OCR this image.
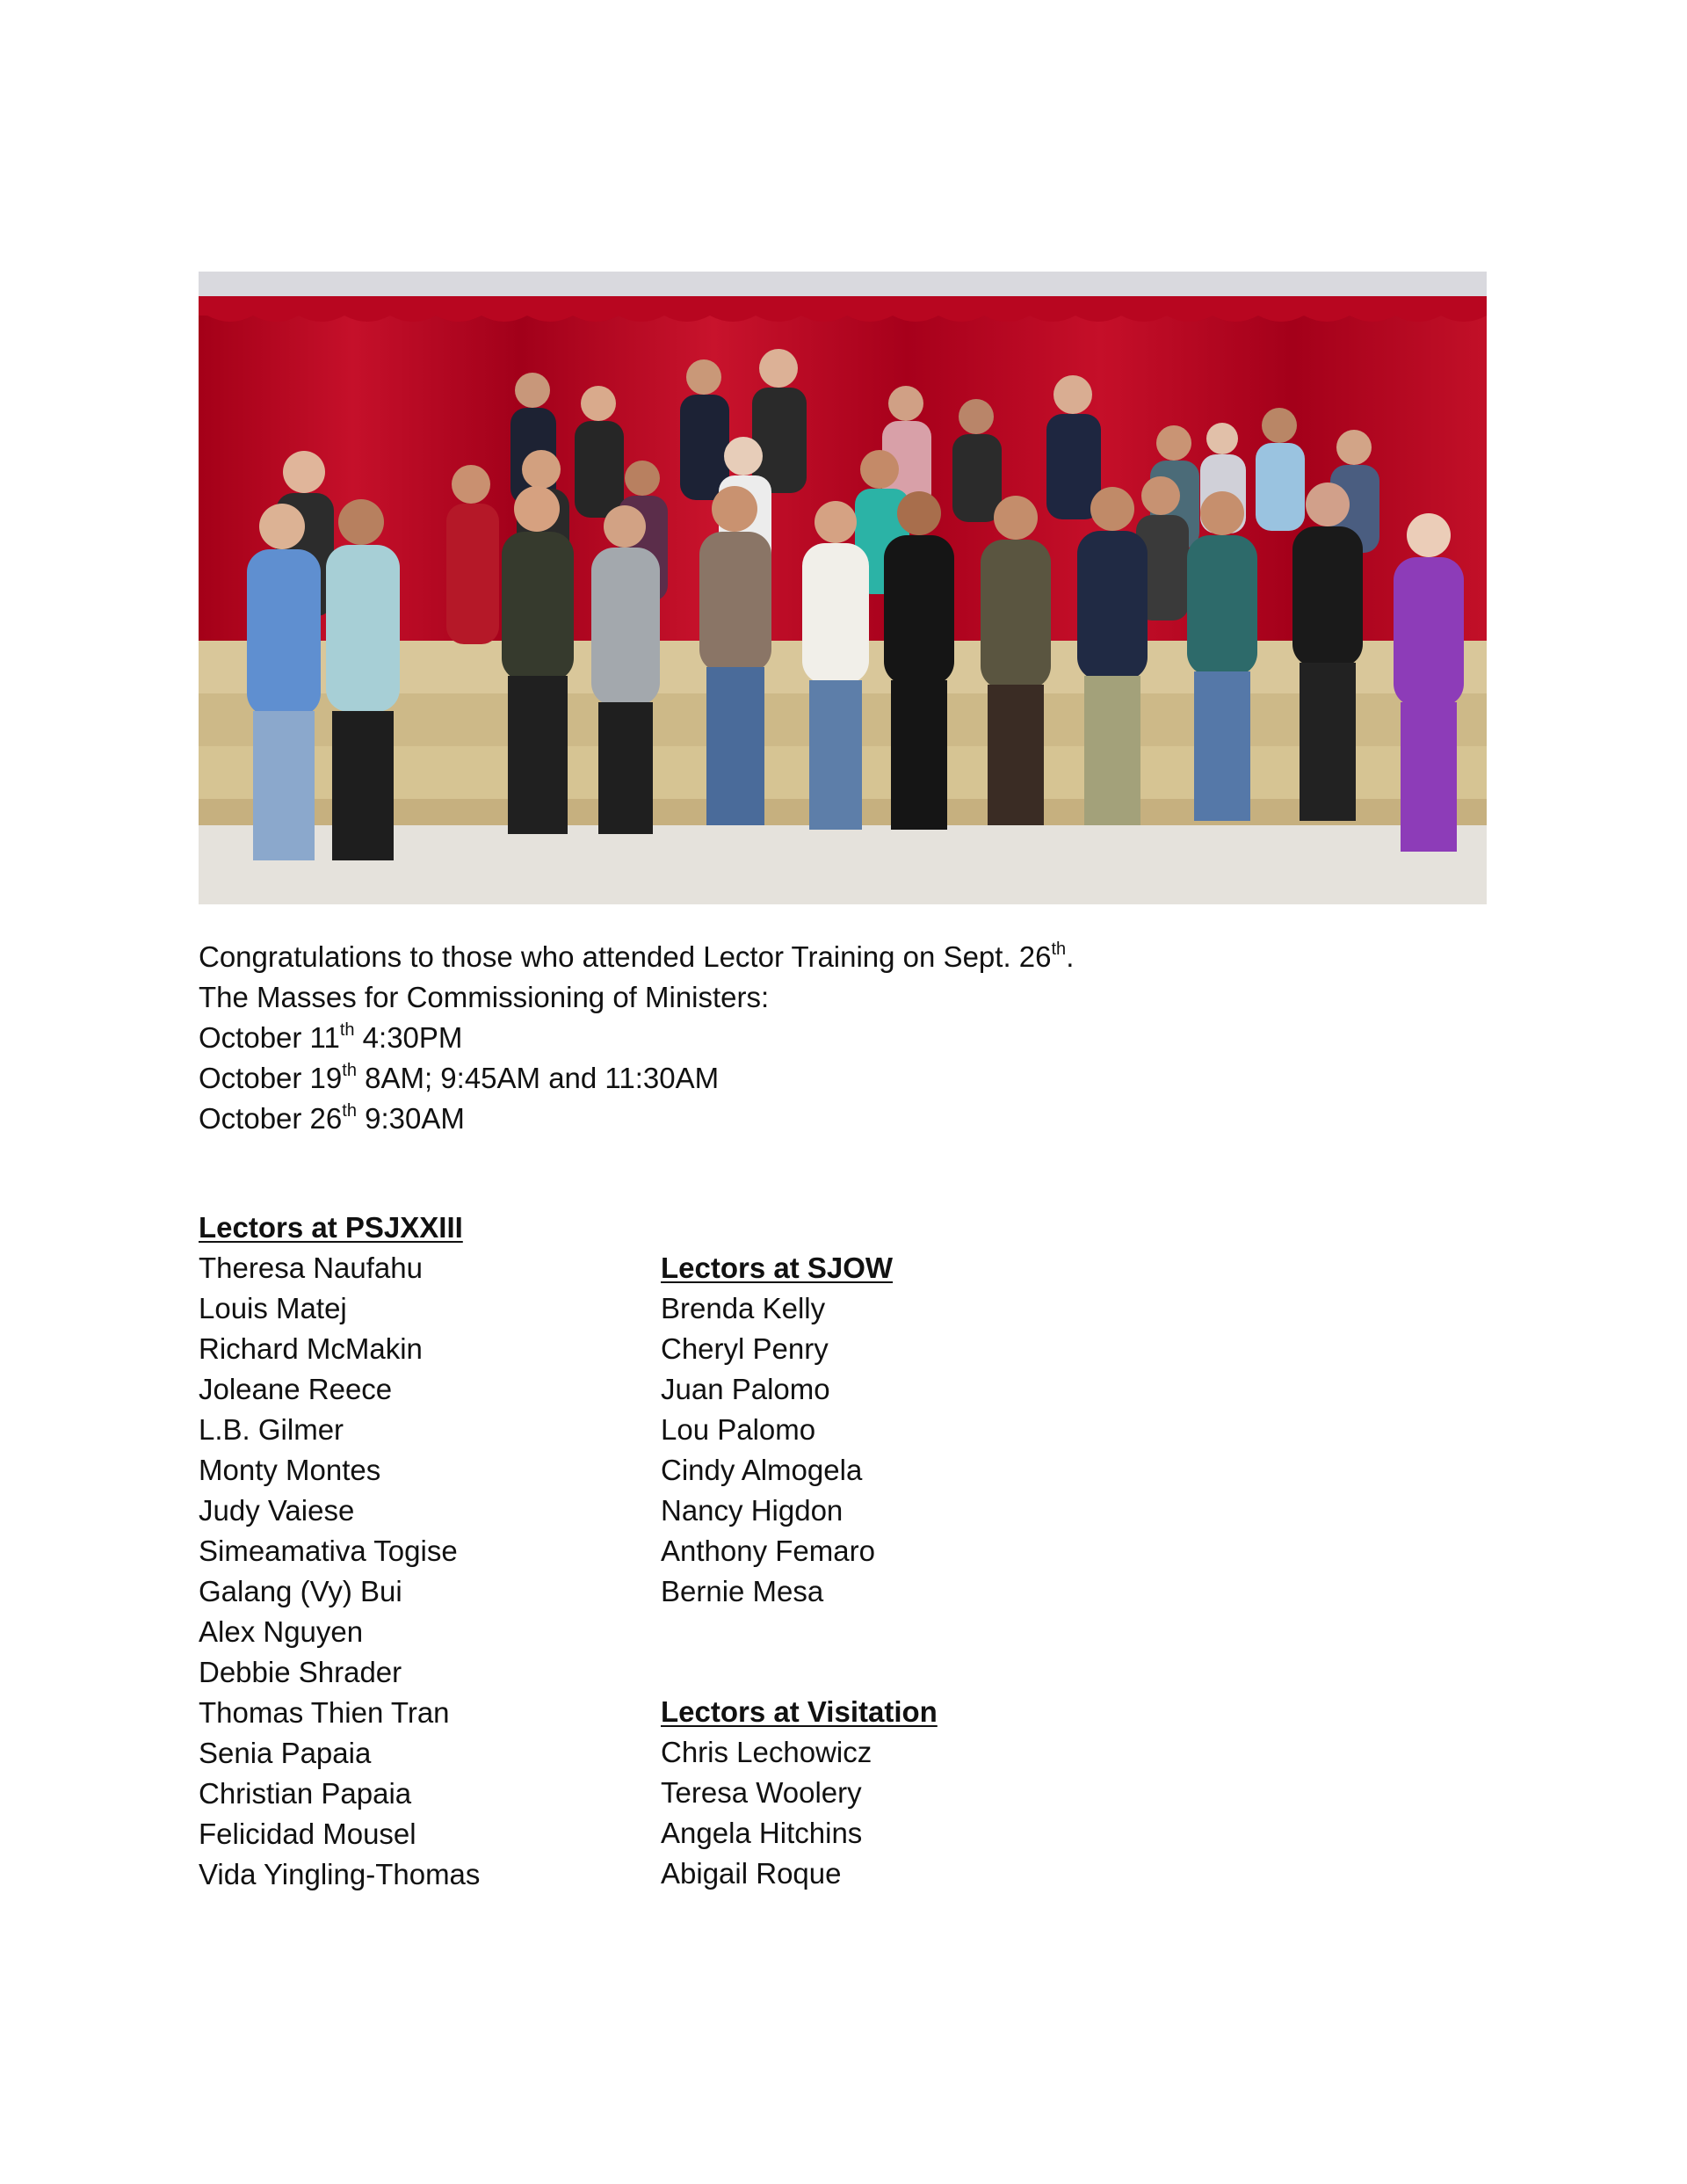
Congratulations to those who attended Lector Training on Sept. 26th.
The Masses for Commissioning of Ministers:
October 11th 4:30PM
October 19th 8AM; 9:45AM and 11:30AM
October 26th 9:30AM
Lectors at PSJXXIII
Theresa Naufahu
Louis Matej
Richard McMakin
Joleane Reece
L.B. Gilmer
Monty Montes
Judy Vaiese
Simeamativa Togise
Galang (Vy) Bui
Alex Nguyen
Debbie Shrader
Thomas Thien Tran
Senia Papaia
Christian Papaia
Felicidad Mousel
Vida Yingling-Thomas
Lectors at SJOW
Brenda Kelly
Cheryl Penry
Juan Palomo
Lou Palomo
Cindy Almogela
Nancy Higdon
Anthony Femaro
Bernie Mesa
Lectors at Visitation
Chris Lechowicz
Teresa Woolery
Angela Hitchins
Abigail Roque
